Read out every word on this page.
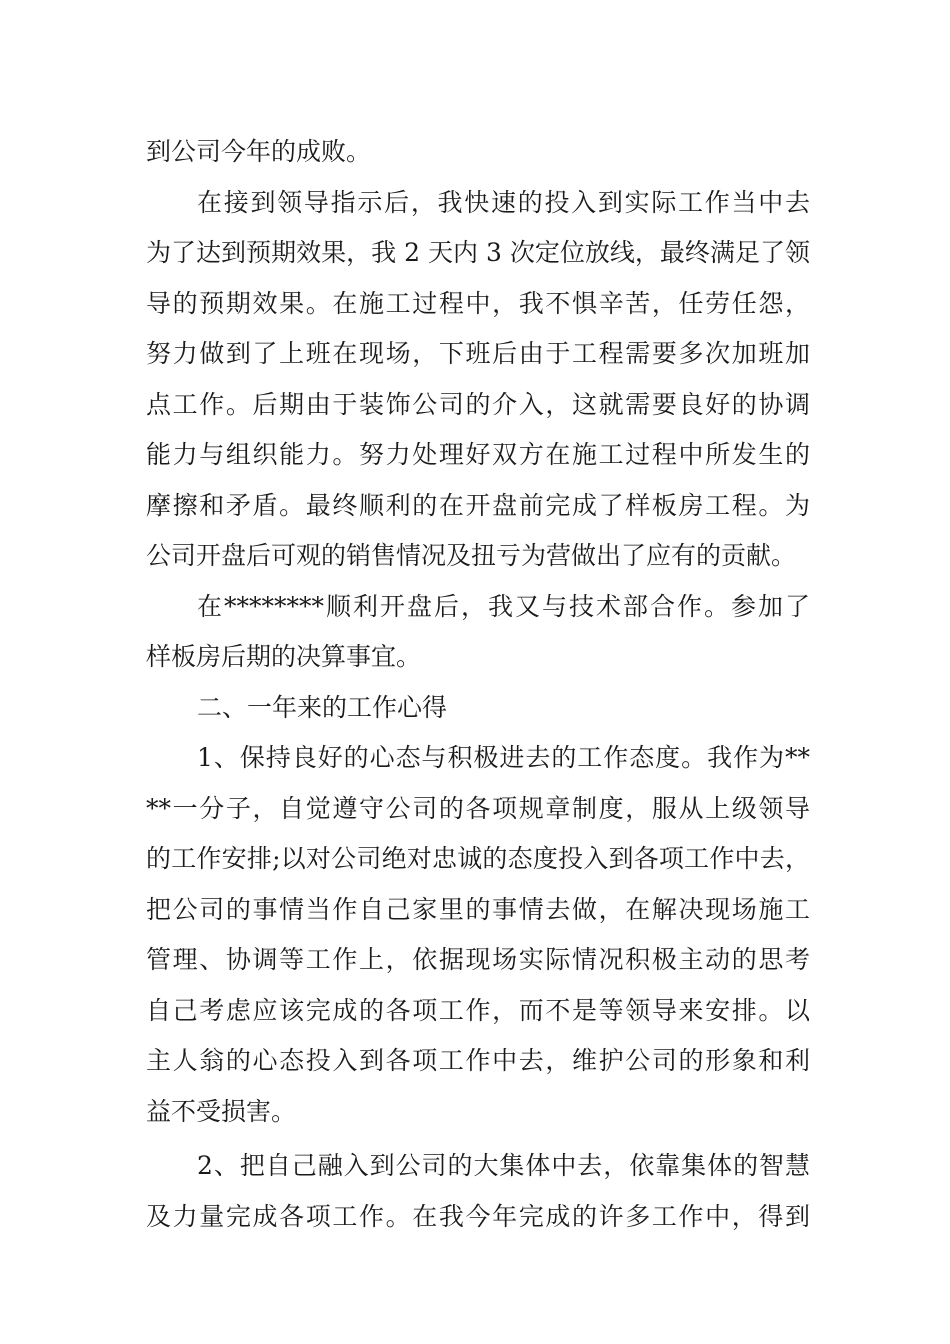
到公司今年的成败。
在接到领导指示后，我快速的投入到实际工作当中去
为了达到预期效果，我 2 天内 3 次定位放线，最终满足了领
导的预期效果。在施工过程中，我不惧辛苦，任劳任怨，
努力做到了上班在现场，下班后由于工程需要多次加班加
点工作。后期由于装饰公司的介入，这就需要良好的协调
能力与组织能力。努力处理好双方在施工过程中所发生的
摩擦和矛盾。最终顺利的在开盘前完成了样板房工程。为
公司开盘后可观的销售情况及扭亏为营做出了应有的贡献。
在********顺利开盘后，我又与技术部合作。参加了
样板房后期的决算事宜。
二、一年来的工作心得
1、保持良好的心态与积极进去的工作态度。我作为**
**一分子，自觉遵守公司的各项规章制度，服从上级领导
的工作安排;以对公司绝对忠诚的态度投入到各项工作中去，
把公司的事情当作自己家里的事情去做，在解决现场施工
管理、协调等工作上，依据现场实际情况积极主动的思考
自己考虑应该完成的各项工作，而不是等领导来安排。以
主人翁的心态投入到各项工作中去，维护公司的形象和利
益不受损害。
2、把自己融入到公司的大集体中去，依靠集体的智慧
及力量完成各项工作。在我今年完成的许多工作中，得到
